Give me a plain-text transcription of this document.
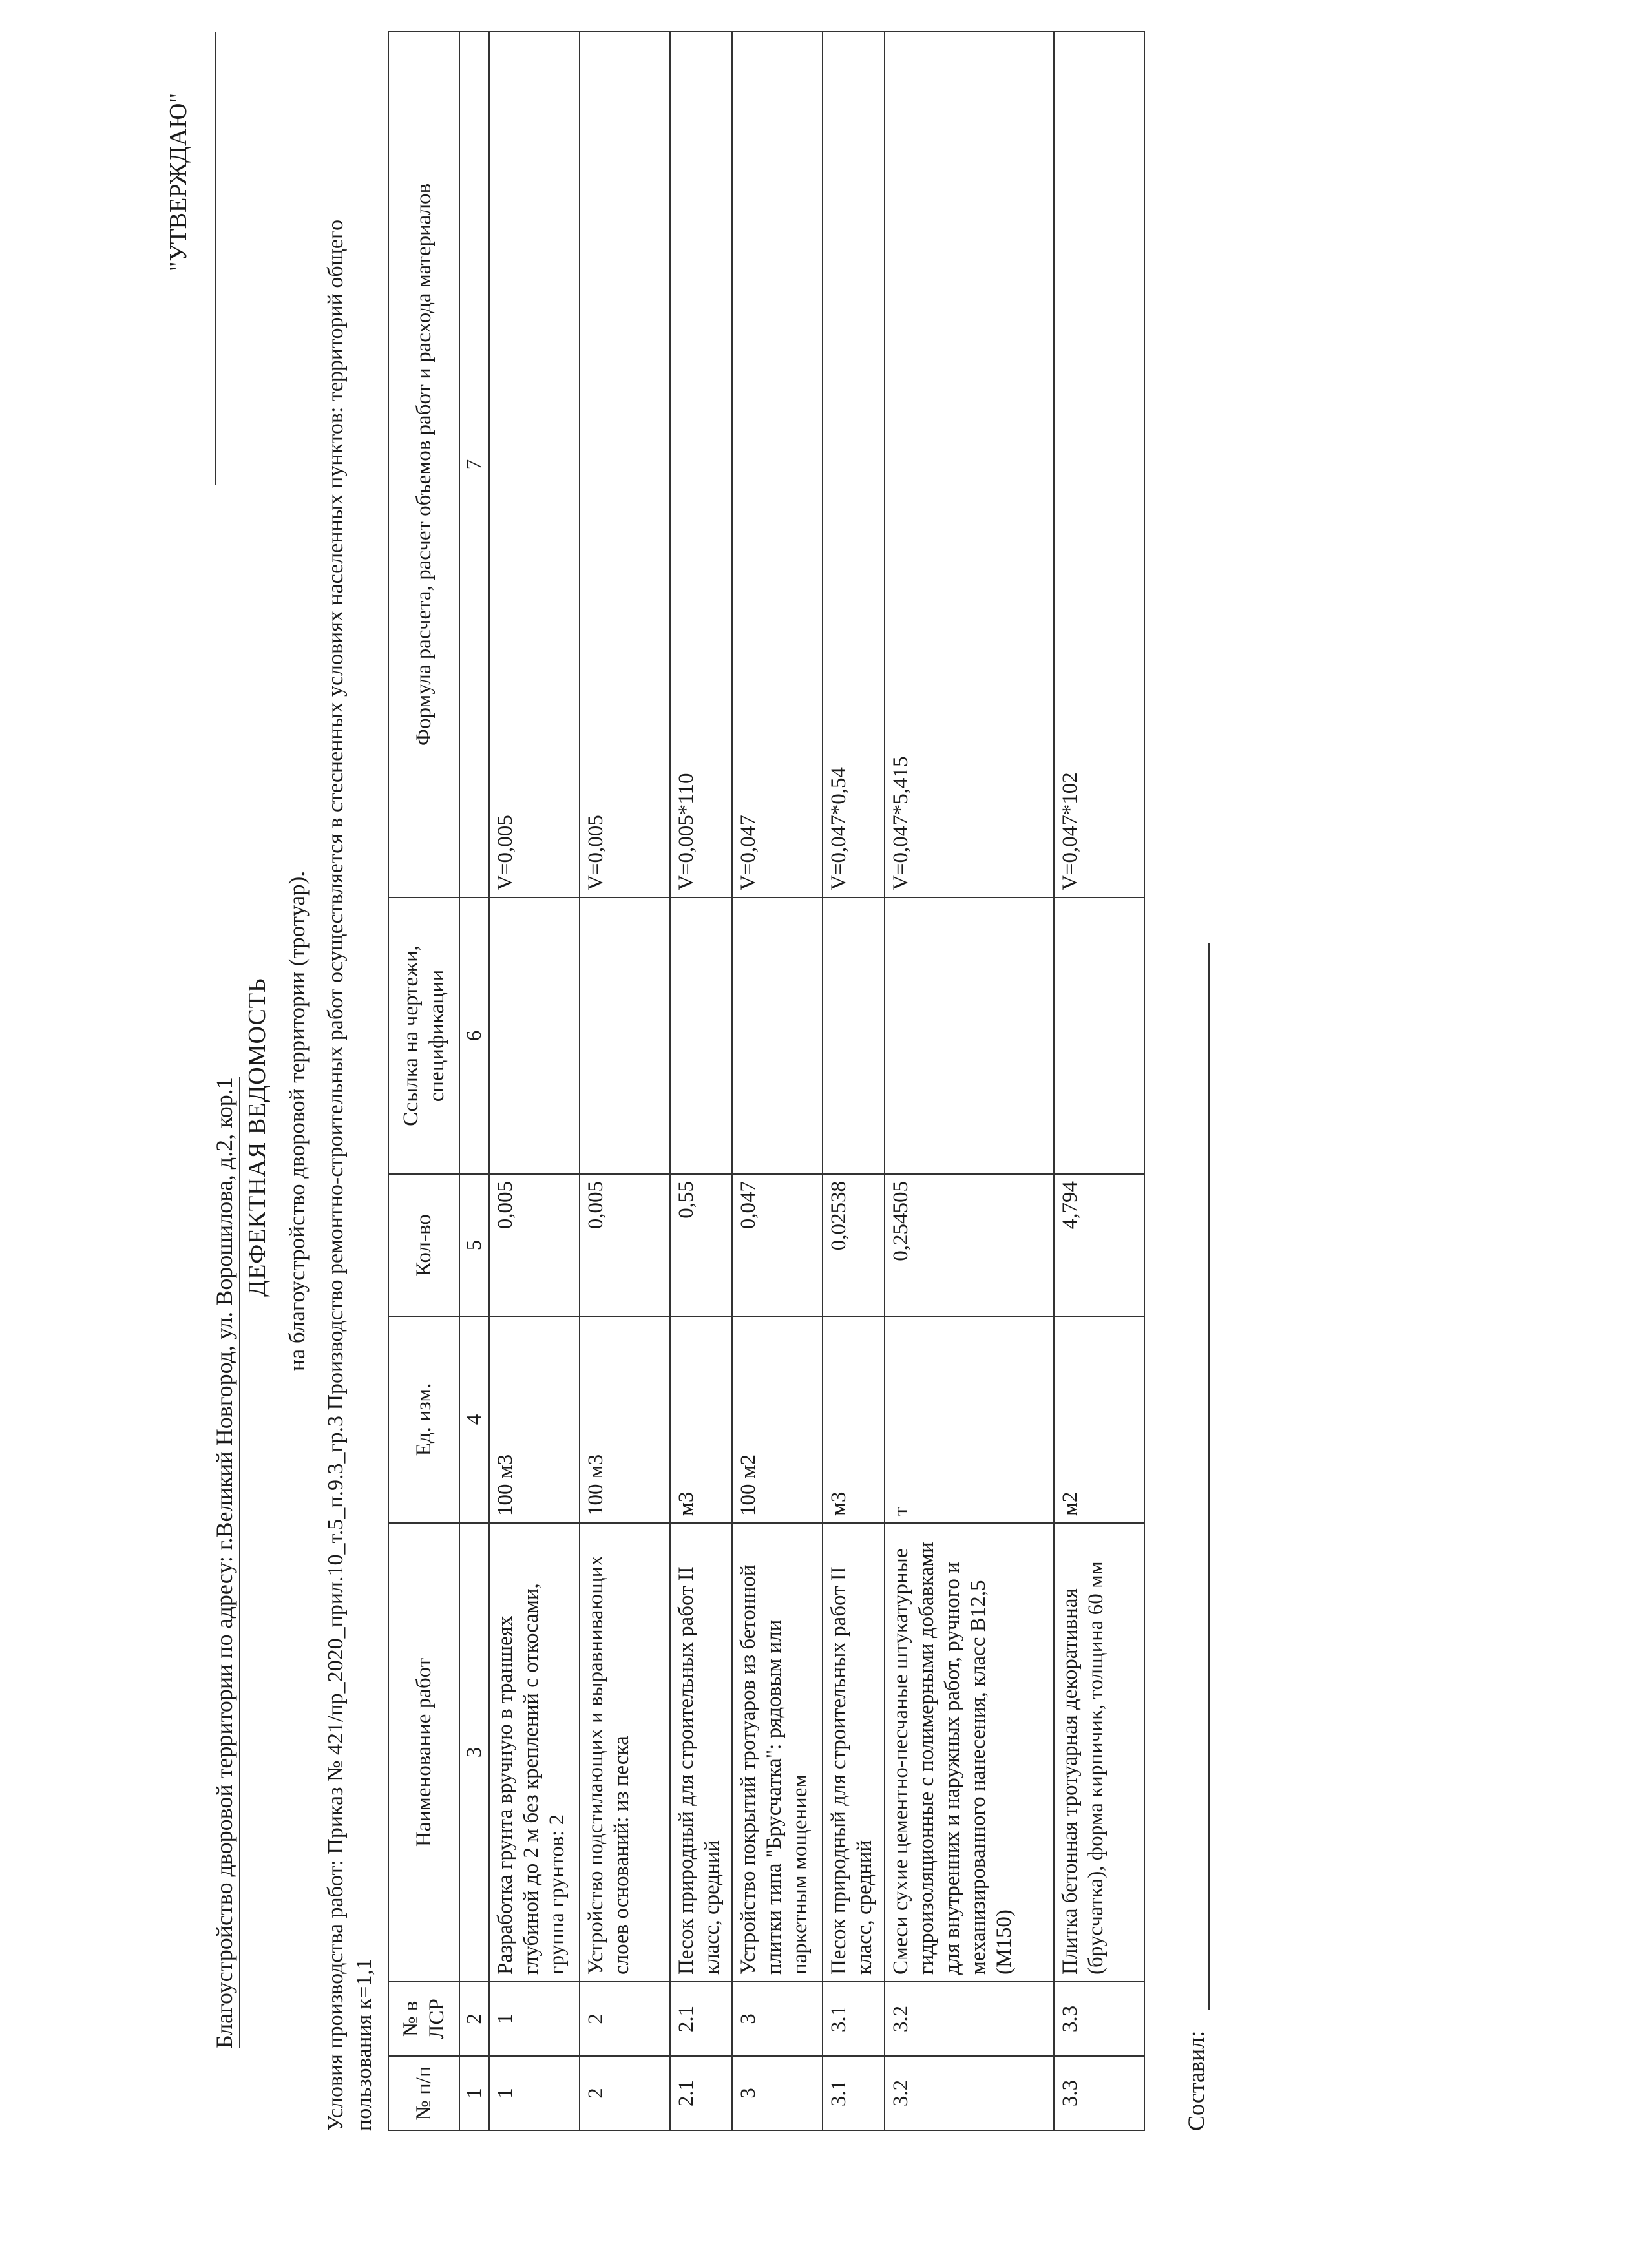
"УТВЕРЖДАЮ"
Благоустройство дворовой территории по адресу: г.Великий Новгород, ул. Ворошилова, д.2, кор.1 ДЕФЕКТНАЯ ВЕДОМОСТЬ на благоустройство дворовой территории (тротуар). Условия производства работ: Приказ № 421/пр_2020_прил.10_т.5_п.9.3_гр.3 Производство ремонтно-строительных работ осуществляется в стесненных условиях населенных пунктов: территорий общего пользования к=1,1 № п/п	№ в ЛСР	Наименование работ	Ед. изм.	Кол-во	Ссылка на чертежи, спецификации	Формула расчета, расчет объемов работ и расхода материалов
1	2	3	4	5	6	7
1	1	Разработка грунта вручную в траншеях глубиной до 2 м без креплений с откосами, группа грунтов: 2	100 м3	0,005		V=0,005
2	2	Устройство подстилающих и выравнивающих слоев оснований: из песка	100 м3	0,005		V=0,005
2.1	2.1	Песок природный для строительных работ II класс, средний	м3	0,55		V=0,005*110
3	3	Устройство покрытий тротуаров из бетонной плитки типа "Брусчатка": рядовым или паркетным мощением	100 м2	0,047		V=0,047
3.1	3.1	Песок природный для строительных работ II класс, средний	м3	0,02538		V=0,047*0,54
3.2	3.2	Смеси сухие цементно-песчаные штукатурные гидроизоляционные с полимерными добавками для внутренних и наружных работ, ручного и механизированного нанесения, класс B12,5 (M150)	т	0,254505		V=0,047*5,415
3.3	3.3	Плитка бетонная тротуарная декоративная (брусчатка), форма кирпичик, толщина 60 мм	м2	4,794		V=0,047*102
Составил:
